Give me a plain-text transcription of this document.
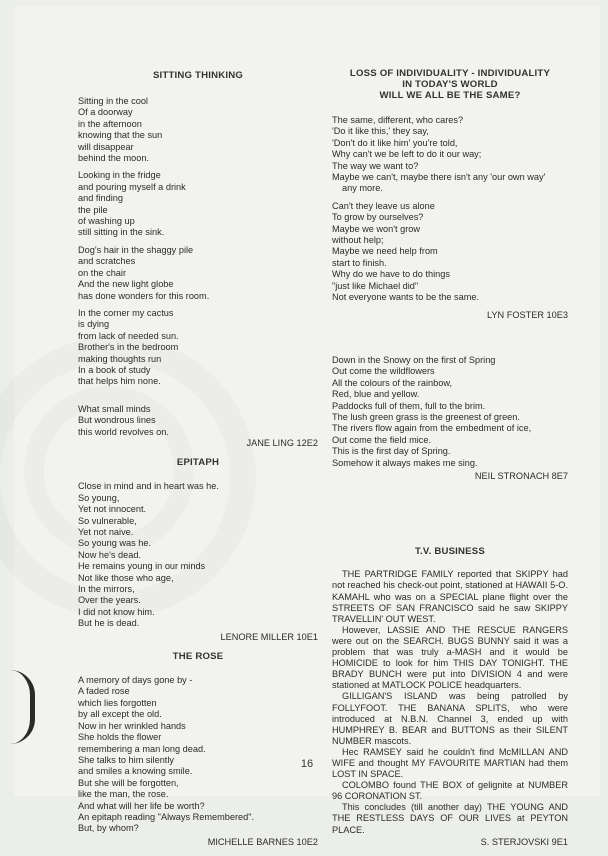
SITTING THINKING
Sitting in the cool
Of a doorway
in the afternoon
knowing that the sun
will disappear
behind the moon.
Looking in the fridge
and pouring myself a drink
and finding
the pile
of washing up
still sitting in the sink.
Dog's hair in the shaggy pile
and scratches
on the chair
And the new light globe
has done wonders for this room.
In the corner my cactus
is dying
from lack of needed sun.
Brother's in the bedroom
making thoughts run
In a book of study
that helps him none.
What small minds
But wondrous lines
this world revolves on.
JANE LING 12E2
EPITAPH
Close in mind and in heart was he.
So young,
Yet not innocent.
So vulnerable,
Yet not naive.
So young was he.
Now he's dead.
He remains young in our minds
Not like those who age,
In the mirrors,
Over the years.
I did not know him.
But he is dead.
LENORE MILLER 10E1
THE ROSE
A memory of days gone by -
A faded rose
which lies forgotten
by all except the old.
Now in her wrinkled hands
She holds the flower
remembering a man long dead.
She talks to him silently
and smiles a knowing smile.
But she will be forgotten,
like the man, the rose.
And what will her life be worth?
An epitaph reading "Always Remembered".
But, by whom?
MICHELLE BARNES 10E2
LOSS OF INDIVIDUALITY - INDIVIDUALITY
IN TODAY'S WORLD
WILL WE ALL BE THE SAME?
The same, different, who cares?
'Do it like this,' they say,
'Don't do it like him' you're told,
Why can't we be left to do it our way;
The way we want to?
Maybe we can't, maybe there isn't any 'our own way'
any more.
Can't they leave us alone
To grow by ourselves?
Maybe we won't grow
without help;
Maybe we need help from
start to finish.
Why do we have to do things
"just like Michael did"
Not everyone wants to be the same.
LYN FOSTER 10E3
Down in the Snowy on the first of Spring
Out come the wildflowers
All the colours of the rainbow,
Red, blue and yellow.
Paddocks full of them, full to the brim.
The lush green grass is the greenest of green.
The rivers flow again from the embedment of ice,
Out come the field mice.
This is the first day of Spring.
Somehow it always makes me sing.
NEIL STRONACH 8E7
T.V. BUSINESS

THE PARTRIDGE FAMILY reported that SKIPPY had not reached his check-out point, stationed at HAWAII 5-O. KAMAHL who was on a SPECIAL plane flight over the STREETS OF SAN FRANCISCO said he saw SKIPPY TRAVELLIN' OUT WEST.

However, LASSIE AND THE RESCUE RANGERS were out on the SEARCH. BUGS BUNNY said it was a problem that was truly a-MASH and it would be HOMICIDE to look for him THIS DAY TONIGHT. THE BRADY BUNCH were put into DIVISION 4 and were stationed at MATLOCK POLICE headquarters.

GILLIGAN'S ISLAND was being patrolled by FOLLYFOOT. THE BANANA SPLITS, who were introduced at N.B.N. Channel 3, ended up with HUMPHREY B. BEAR and BUTTONS as their SILENT NUMBER mascots.

Hec RAMSEY said he couldn't find McMILLAN AND WIFE and thought MY FAVOURITE MARTIAN had them LOST IN SPACE.

COLOMBO found THE BOX of gelignite at NUMBER 96 CORONATION ST.

This concludes (till another day) THE YOUNG AND THE RESTLESS DAYS OF OUR LIVES at PEYTON PLACE.

S. STERJOVSKI 9E1
16
